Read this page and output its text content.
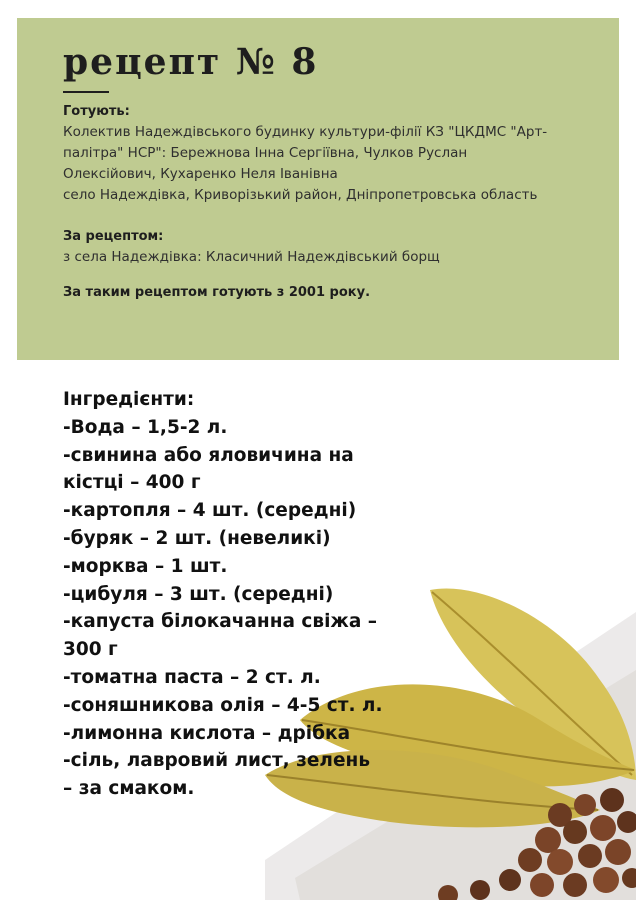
рецепт № 8
Готують:
Колектив Надеждівського будинку культури-філії КЗ "ЦКДМС "Арт-
палітра" НСР": Бережнова Інна Сергіївна, Чулков Руслан
Олексійович, Кухаренко Неля Іванівна
село Надеждівка, Криворізький район, Дніпропетровська область
За рецептом:
з села Надеждівка: Класичний Надеждівський борщ
За таким рецептом готують з 2001 року.
Інгредієнти:
-Вода – 1,5-2 л.
-свинина або яловичина на
кістці – 400 г
-картопля – 4 шт. (середні)
-буряк – 2 шт. (невеликі)
-морква – 1 шт.
-цибуля – 3 шт. (середні)
-капуста білокачанна свіжа –
300 г
-томатна паста – 2 ст. л.
-соняшникова олія – 4-5 ст. л.
-лимонна кислота – дрібка
-сіль, лавровий лист, зелень
– за смаком.
